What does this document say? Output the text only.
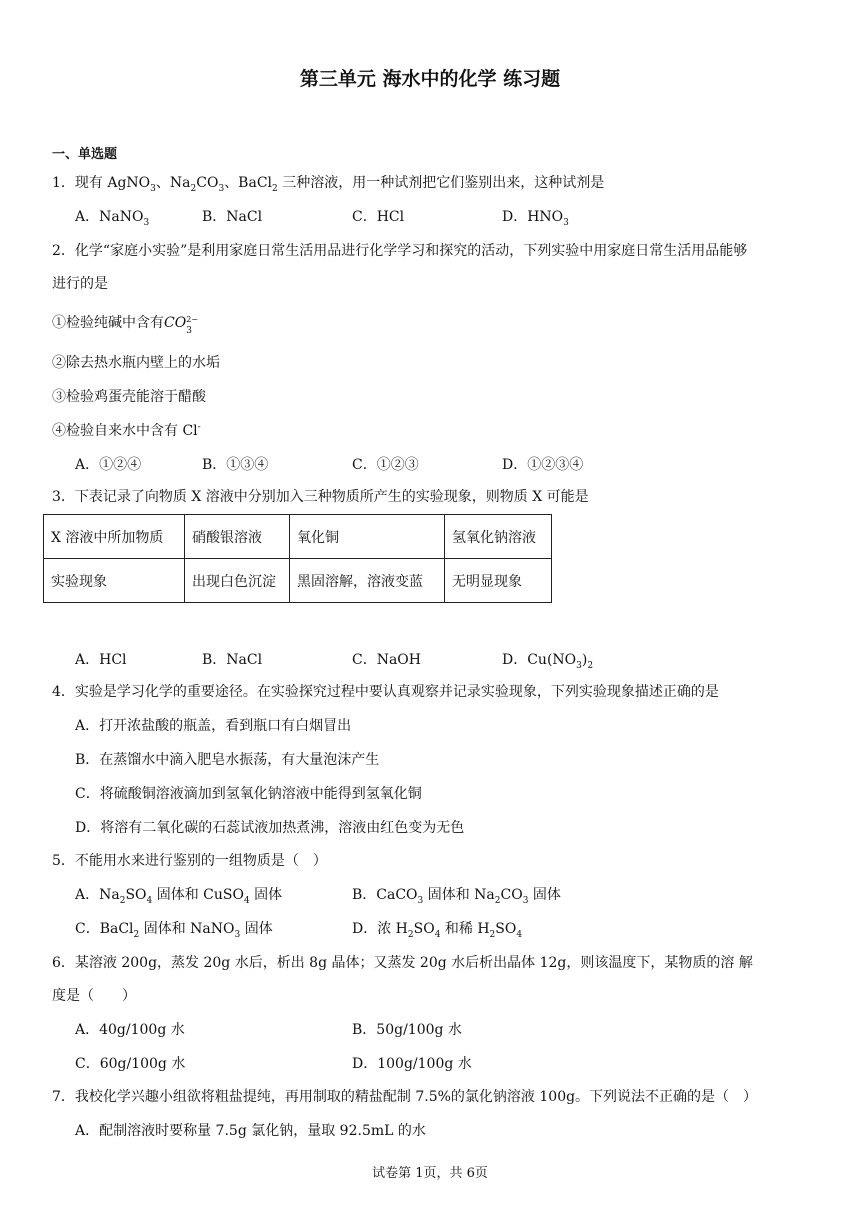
第三单元 海水中的化学 练习题
一、单选题
1．现有 AgNO$_3$、$Na_2CO_3$、BaCl$_2$ 三种溶液，用一种试剂把它们鉴别出来，这种试剂是
A．NaNO$_3$	B．NaCl	C．HCl	D．$HNO_3$
2．化学“家庭小实验”是利用家庭日常生活用品进行化学学习和探究的活动，下列实验中用家庭日常生活用品能够
进行的是
①检验纯碱中含有CO 2−
3
②除去热水瓶内壁上的水垢
③检验鸡蛋壳能溶于醋酸
④检验自来水中含有 Cl-
A．①②④	B．①③④	C．①②③	D．①②③④
3．下表记录了向物质 X 溶液中分别加入三种物质所产生的实验现象，则物质 X 可能是
X 溶液中所加物质	硝酸银溶液	氧化铜	氢氧化钠溶液
实验现象	出现白色沉淀	黑固溶解，溶液变蓝	无明显现象
A．HCl	B．NaCl	C．NaOH	D．$Cu(NO_3)_2$
4．实验是学习化学的重要途径。在实验探究过程中要认真观察并记录实验现象，下列实验现象描述正确的是
A．打开浓盐酸的瓶盖，看到瓶口有白烟冒出
B．在蒸馏水中滴入肥皂水振荡，有大量泡沫产生
C．将硫酸铜溶液滴加到氢氧化钠溶液中能得到氢氧化铜
D．将溶有二氧化碳的石蕊试液加热煮沸，溶液由红色变为无色
5．不能用水来进行鉴别的一组物质是（　）
A．$Na_2SO_4$ 固体和 CuSO$_4$ 固体	B．CaCO$_3$ 固体和 $Na_2CO_3$ 固体
C．BaCl$_2$ 固体和 NaNO$_3$ 固体	D．浓 $H_2SO_4$ 和稀 $H_2SO_4$
6．某溶液 200g，蒸发 20g 水后，析出 8g 晶体；又蒸发 20g 水后析出晶体 12g，则该温度下，某物质的溶 解
度是（　　）
A．40g/100g 水	B．50g/100g 水
C．60g/100g 水	D．100g/100g 水
7．我校化学兴趣小组欲将粗盐提纯，再用制取的精盐配制 7.5%的氯化钠溶液 100g。下列说法不正确的是（　）
A．配制溶液时要称量 7.5g 氯化钠，量取 92.5mL 的水
试卷第 1页，共 6页
